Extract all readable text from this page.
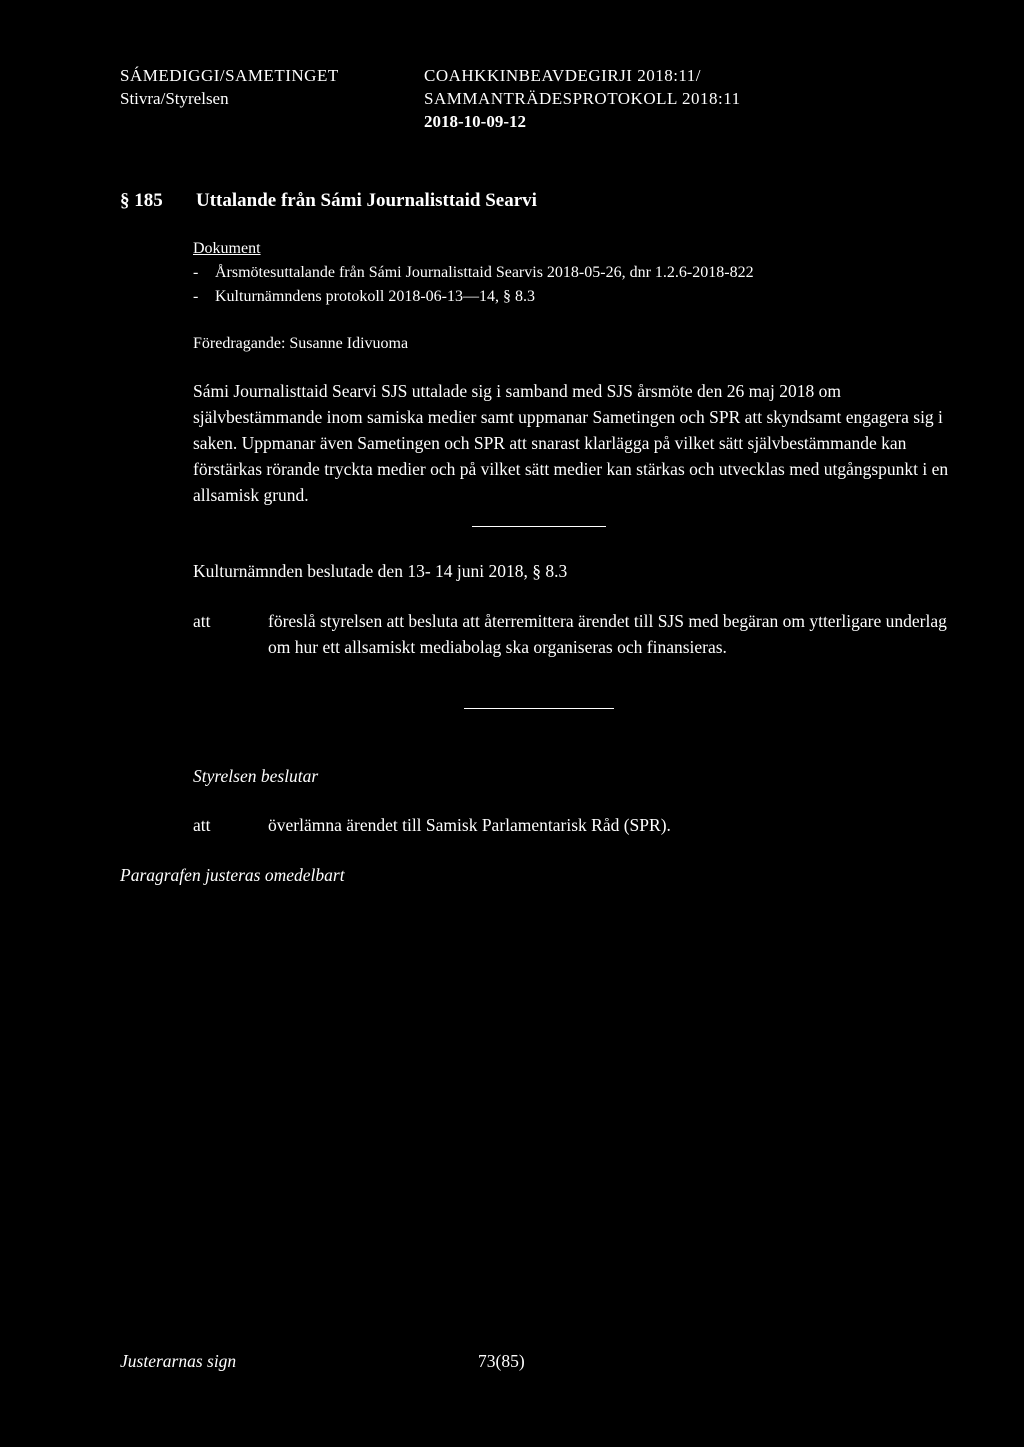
SÁMEDIGGI/SAMETINGET
Stivra/Styrelsen
COAHKKINBEAVDEGIRJI 2018:11/
SAMMANTRÄDESPROTOKOLL 2018:11
2018-10-09-12
§ 185 Uttalande från Sámi Journalisttaid Searvi
Dokument
- Årsmötesuttalande från Sámi Journalisttaid Searvis 2018-05-26, dnr 1.2.6-2018-822
- Kulturnämndens protokoll 2018-06-13—14, § 8.3
Föredragande: Susanne Idivuoma
Sámi Journalisttaid Searvi SJS uttalade sig i samband med SJS årsmöte den 26 maj 2018 om självbestämmande inom samiska medier samt uppmanar Sametingen och SPR att skyndsamt engagera sig i saken. Uppmanar även Sametingen och SPR att snarast klarlägga på vilket sätt självbestämmande kan förstärkas rörande tryckta medier och på vilket sätt medier kan stärkas och utvecklas med utgångspunkt i en allsamisk grund.
Kulturnämnden beslutade den 13- 14 juni 2018, § 8.3
att	föreslå styrelsen att besluta att återremittera ärendet till SJS med begäran om ytterligare underlag om hur ett allsamiskt mediabolag ska organiseras och finansieras.
Styrelsen beslutar
att	överlämna ärendet till Samisk Parlamentarisk Råd (SPR).
Paragrafen justeras omedelbart
Justerarnas sign	73(85)
